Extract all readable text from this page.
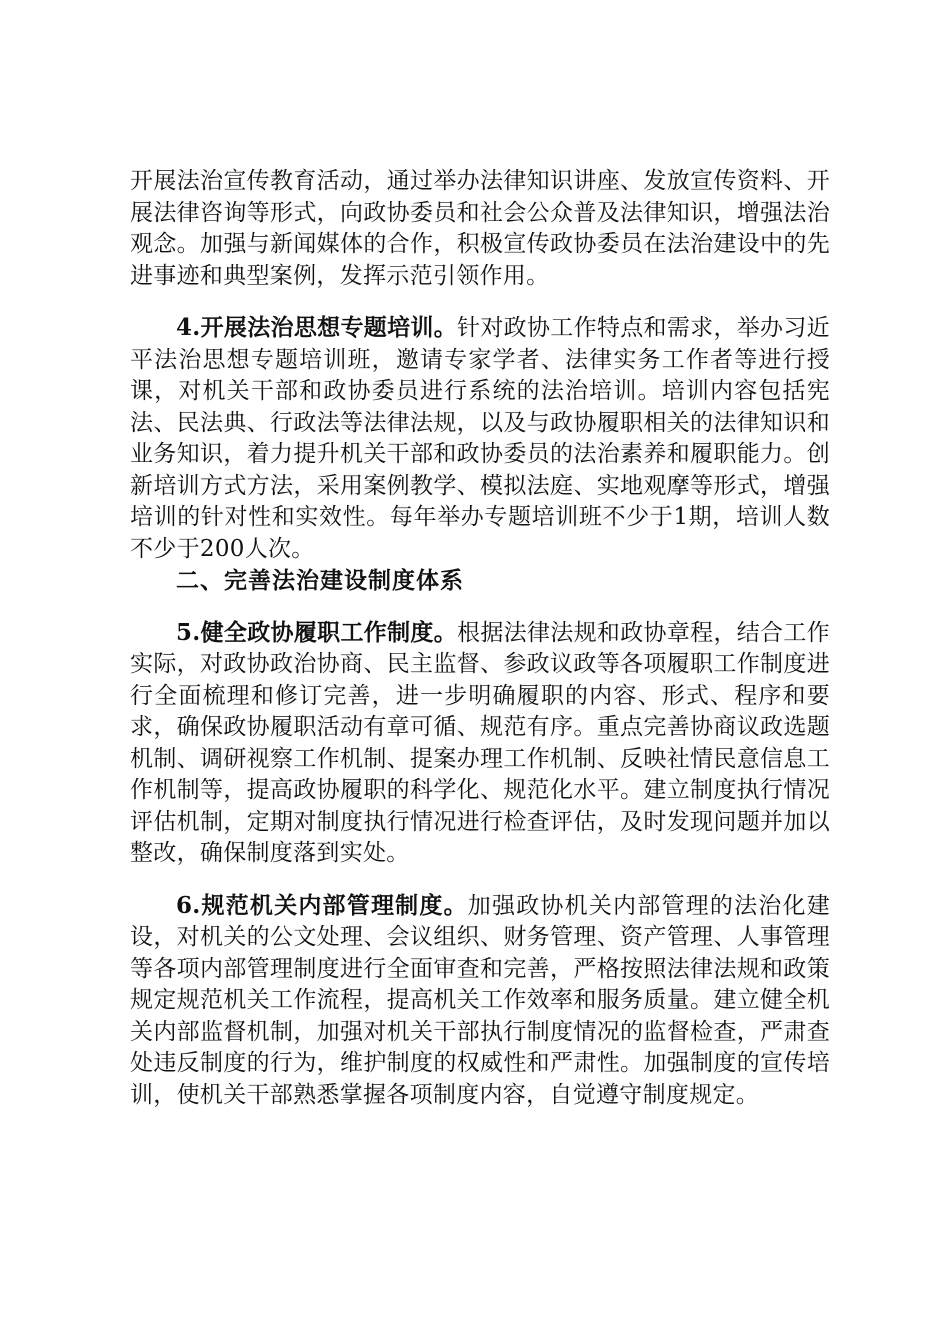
开展法治宣传教育活动，通过举办法律知识讲座、发放宣传资料、开展法律咨询等形式，向政协委员和社会公众普及法律知识，增强法治观念。加强与新闻媒体的合作，积极宣传政协委员在法治建设中的先进事迹和典型案例，发挥示范引领作用。

4.开展法治思想专题培训。针对政协工作特点和需求，举办习近平法治思想专题培训班，邀请专家学者、法律实务工作者等进行授课，对机关干部和政协委员进行系统的法治培训。培训内容包括宪法、民法典、行政法等法律法规，以及与政协履职相关的法律知识和业务知识，着力提升机关干部和政协委员的法治素养和履职能力。创新培训方式方法，采用案例教学、模拟法庭、实地观摩等形式，增强培训的针对性和实效性。每年举办专题培训班不少于1期，培训人数不少于200人次。

二、完善法治建设制度体系

5.健全政协履职工作制度。根据法律法规和政协章程，结合工作实际，对政协政治协商、民主监督、参政议政等各项履职工作制度进行全面梳理和修订完善，进一步明确履职的内容、形式、程序和要求，确保政协履职活动有章可循、规范有序。重点完善协商议政选题机制、调研视察工作机制、提案办理工作机制、反映社情民意信息工作机制等，提高政协履职的科学化、规范化水平。建立制度执行情况评估机制，定期对制度执行情况进行检查评估，及时发现问题并加以整改，确保制度落到实处。

6.规范机关内部管理制度。加强政协机关内部管理的法治化建设，对机关的公文处理、会议组织、财务管理、资产管理、人事管理等各项内部管理制度进行全面审查和完善，严格按照法律法规和政策规定规范机关工作流程，提高机关工作效率和服务质量。建立健全机关内部监督机制，加强对机关干部执行制度情况的监督检查，严肃查处违反制度的行为，维护制度的权威性和严肃性。加强制度的宣传培训，使机关干部熟悉掌握各项制度内容，自觉遵守制度规定。
